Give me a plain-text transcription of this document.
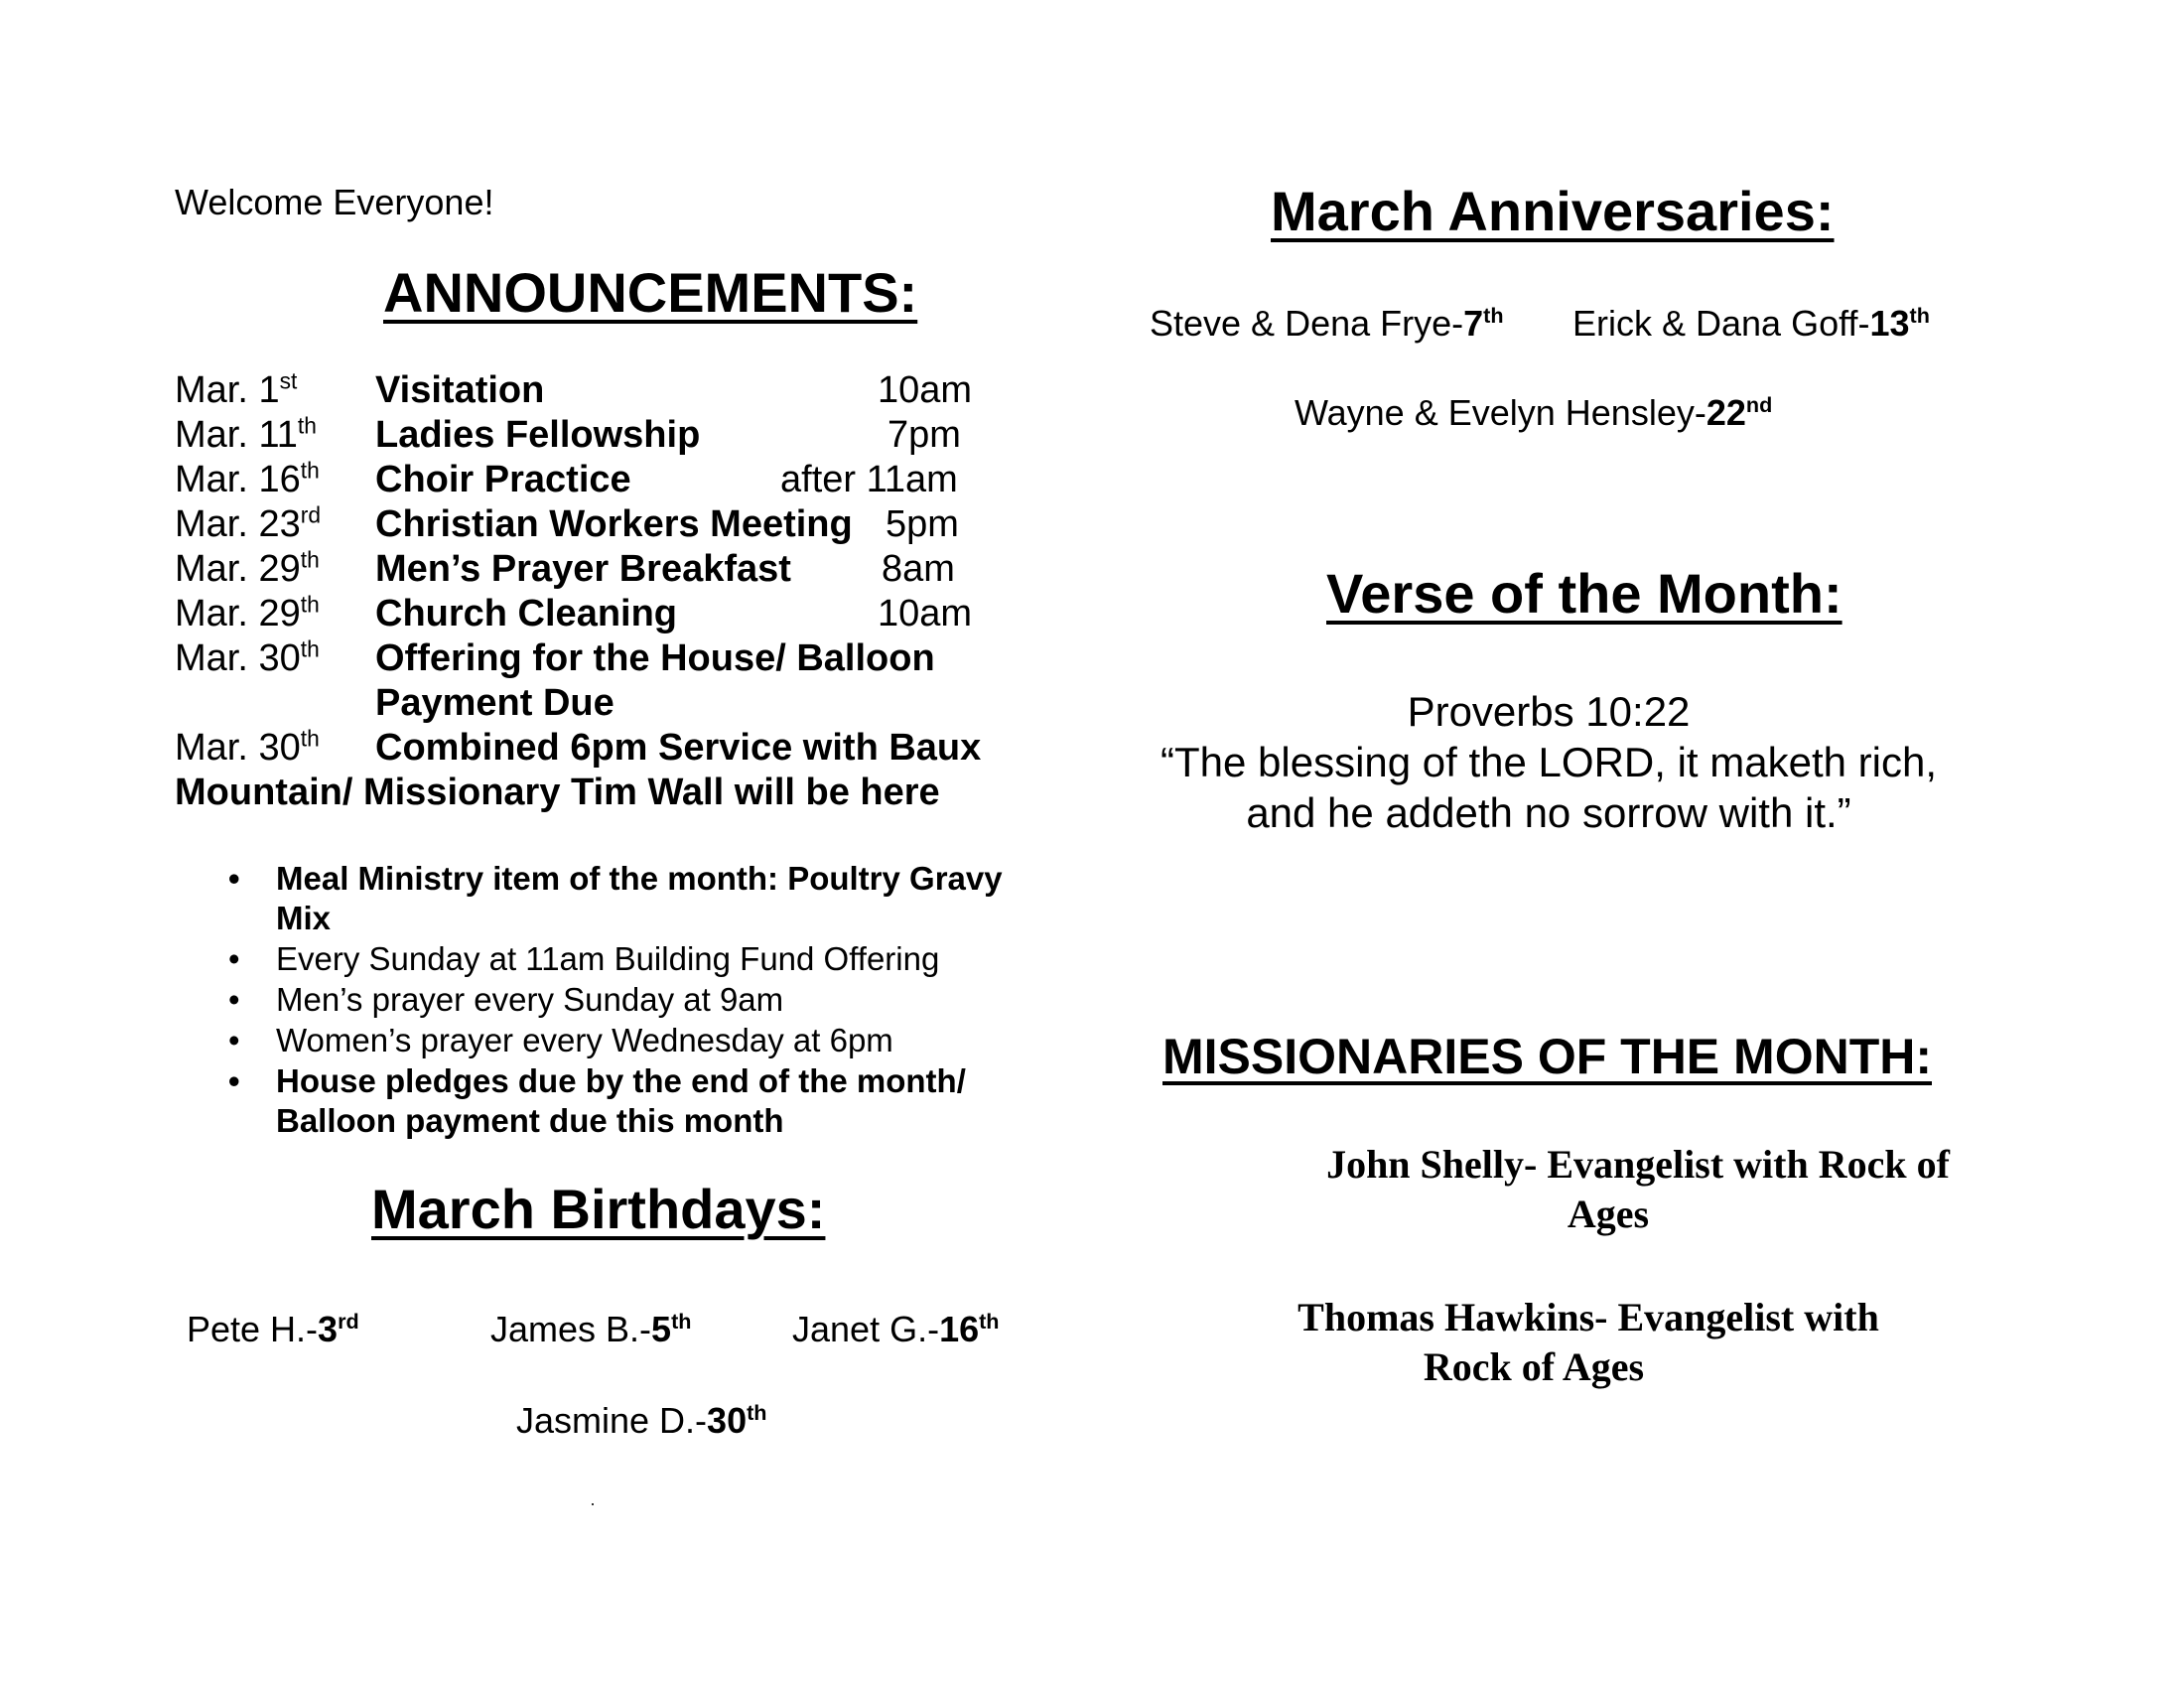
Welcome Everyone!
ANNOUNCEMENTS:
Mar. 1st Visitation	10am
Mar. 11th Ladies Fellowship	7pm
Mar. 16th Choir Practice	after 11am
Mar. 23rd Christian Workers Meeting 5pm
Mar. 29th Men’s Prayer Breakfast 8am
Mar. 29th Church Cleaning	10am
Mar. 30th Offering for the House/ Balloon
Payment Due
Mar. 30th Combined 6pm Service with Baux
Mountain/ Missionary Tim Wall will be here
• Meal Ministry item of the month: Poultry Gravy Mix
• Every Sunday at 11am Building Fund Offering
• Men’s prayer every Sunday at 9am
• Women’s prayer every Wednesday at 6pm
• House pledges due by the end of the month/ Balloon payment due this month
March Birthdays:
Pete H.-3rd	James B.-5th	Janet G.-16th
Jasmine D.-30th
March Anniversaries:
Steve & Dena Frye-7th Erick & Dana Goff-13th
Wayne & Evelyn Hensley-22nd
Verse of the Month:
Proverbs 10:22
“The blessing of the LORD, it maketh rich,
and he addeth no sorrow with it.”
MISSIONARIES OF THE MONTH:
John Shelly- Evangelist with Rock of
Ages
Thomas Hawkins- Evangelist with
Rock of Ages
